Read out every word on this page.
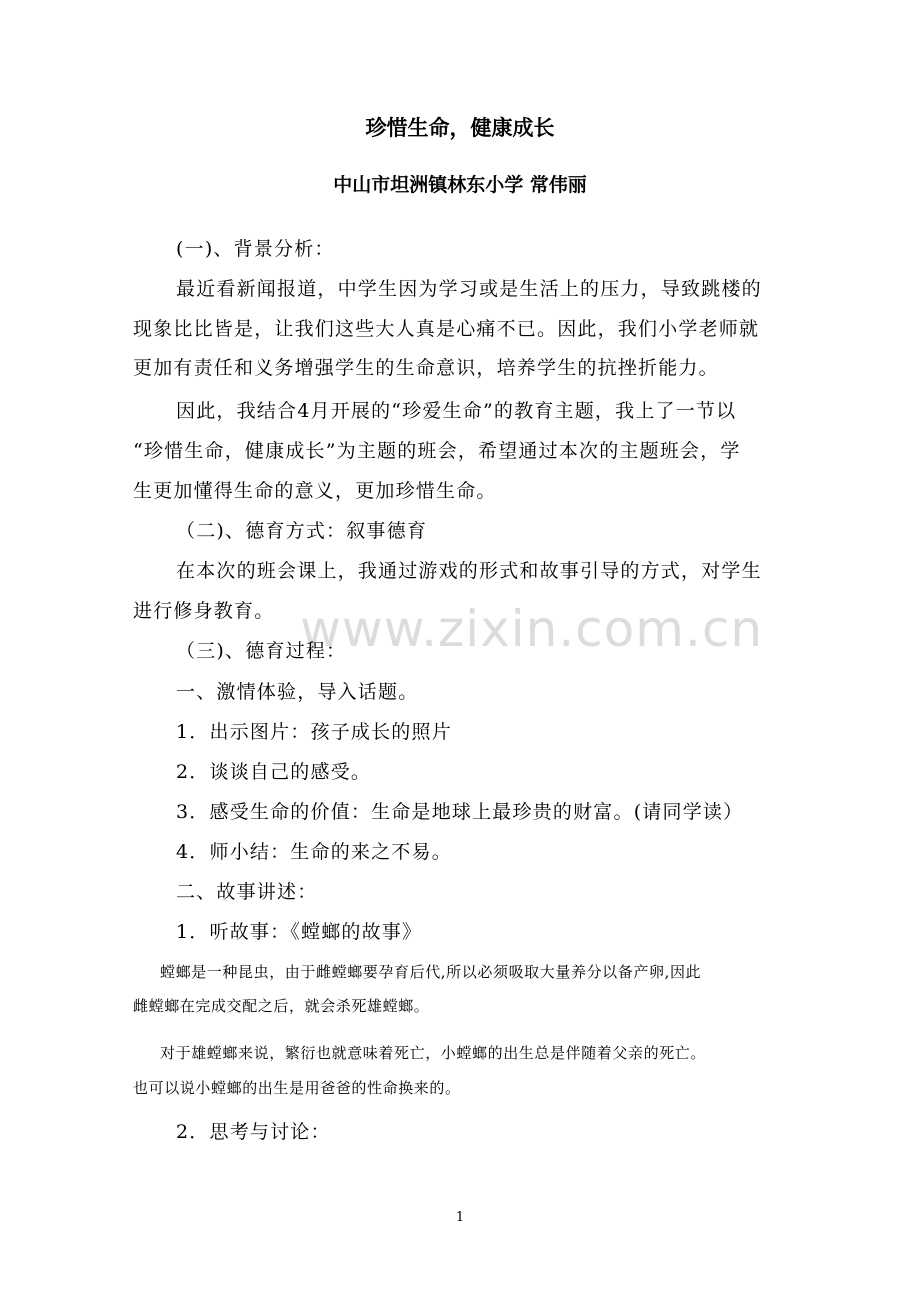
www.zixin.com.cn
珍惜生命，健康成长
中山市坦洲镇林东小学 常伟丽
(一)、背景分析：
最近看新闻报道，中学生因为学习或是生活上的压力，导致跳楼的
现象比比皆是，让我们这些大人真是心痛不已。因此，我们小学老师就
更加有责任和义务增强学生的生命意识，培养学生的抗挫折能力。
因此，我结合4月开展的“珍爱生命”的教育主题，我上了一节以
“珍惜生命，健康成长”为主题的班会，希望通过本次的主题班会，学
生更加懂得生命的意义，更加珍惜生命。
（二)、德育方式：叙事德育
在本次的班会课上，我通过游戏的形式和故事引导的方式，对学生
进行修身教育。
（三)、德育过程：
一、激情体验，导入话题。
1．出示图片：孩子成长的照片
2．谈谈自己的感受。
3．感受生命的价值：生命是地球上最珍贵的财富。(请同学读）
4．师小结：生命的来之不易。
二、故事讲述：
1．听故事：《螳螂的故事》
螳螂是一种昆虫，由于雌螳螂要孕育后代,所以必须吸取大量养分以备产卵,因此
雌螳螂在完成交配之后，就会杀死雄螳螂。
对于雄螳螂来说，繁衍也就意味着死亡，小螳螂的出生总是伴随着父亲的死亡。
也可以说小螳螂的出生是用爸爸的性命换来的。
2．思考与讨论：
1
